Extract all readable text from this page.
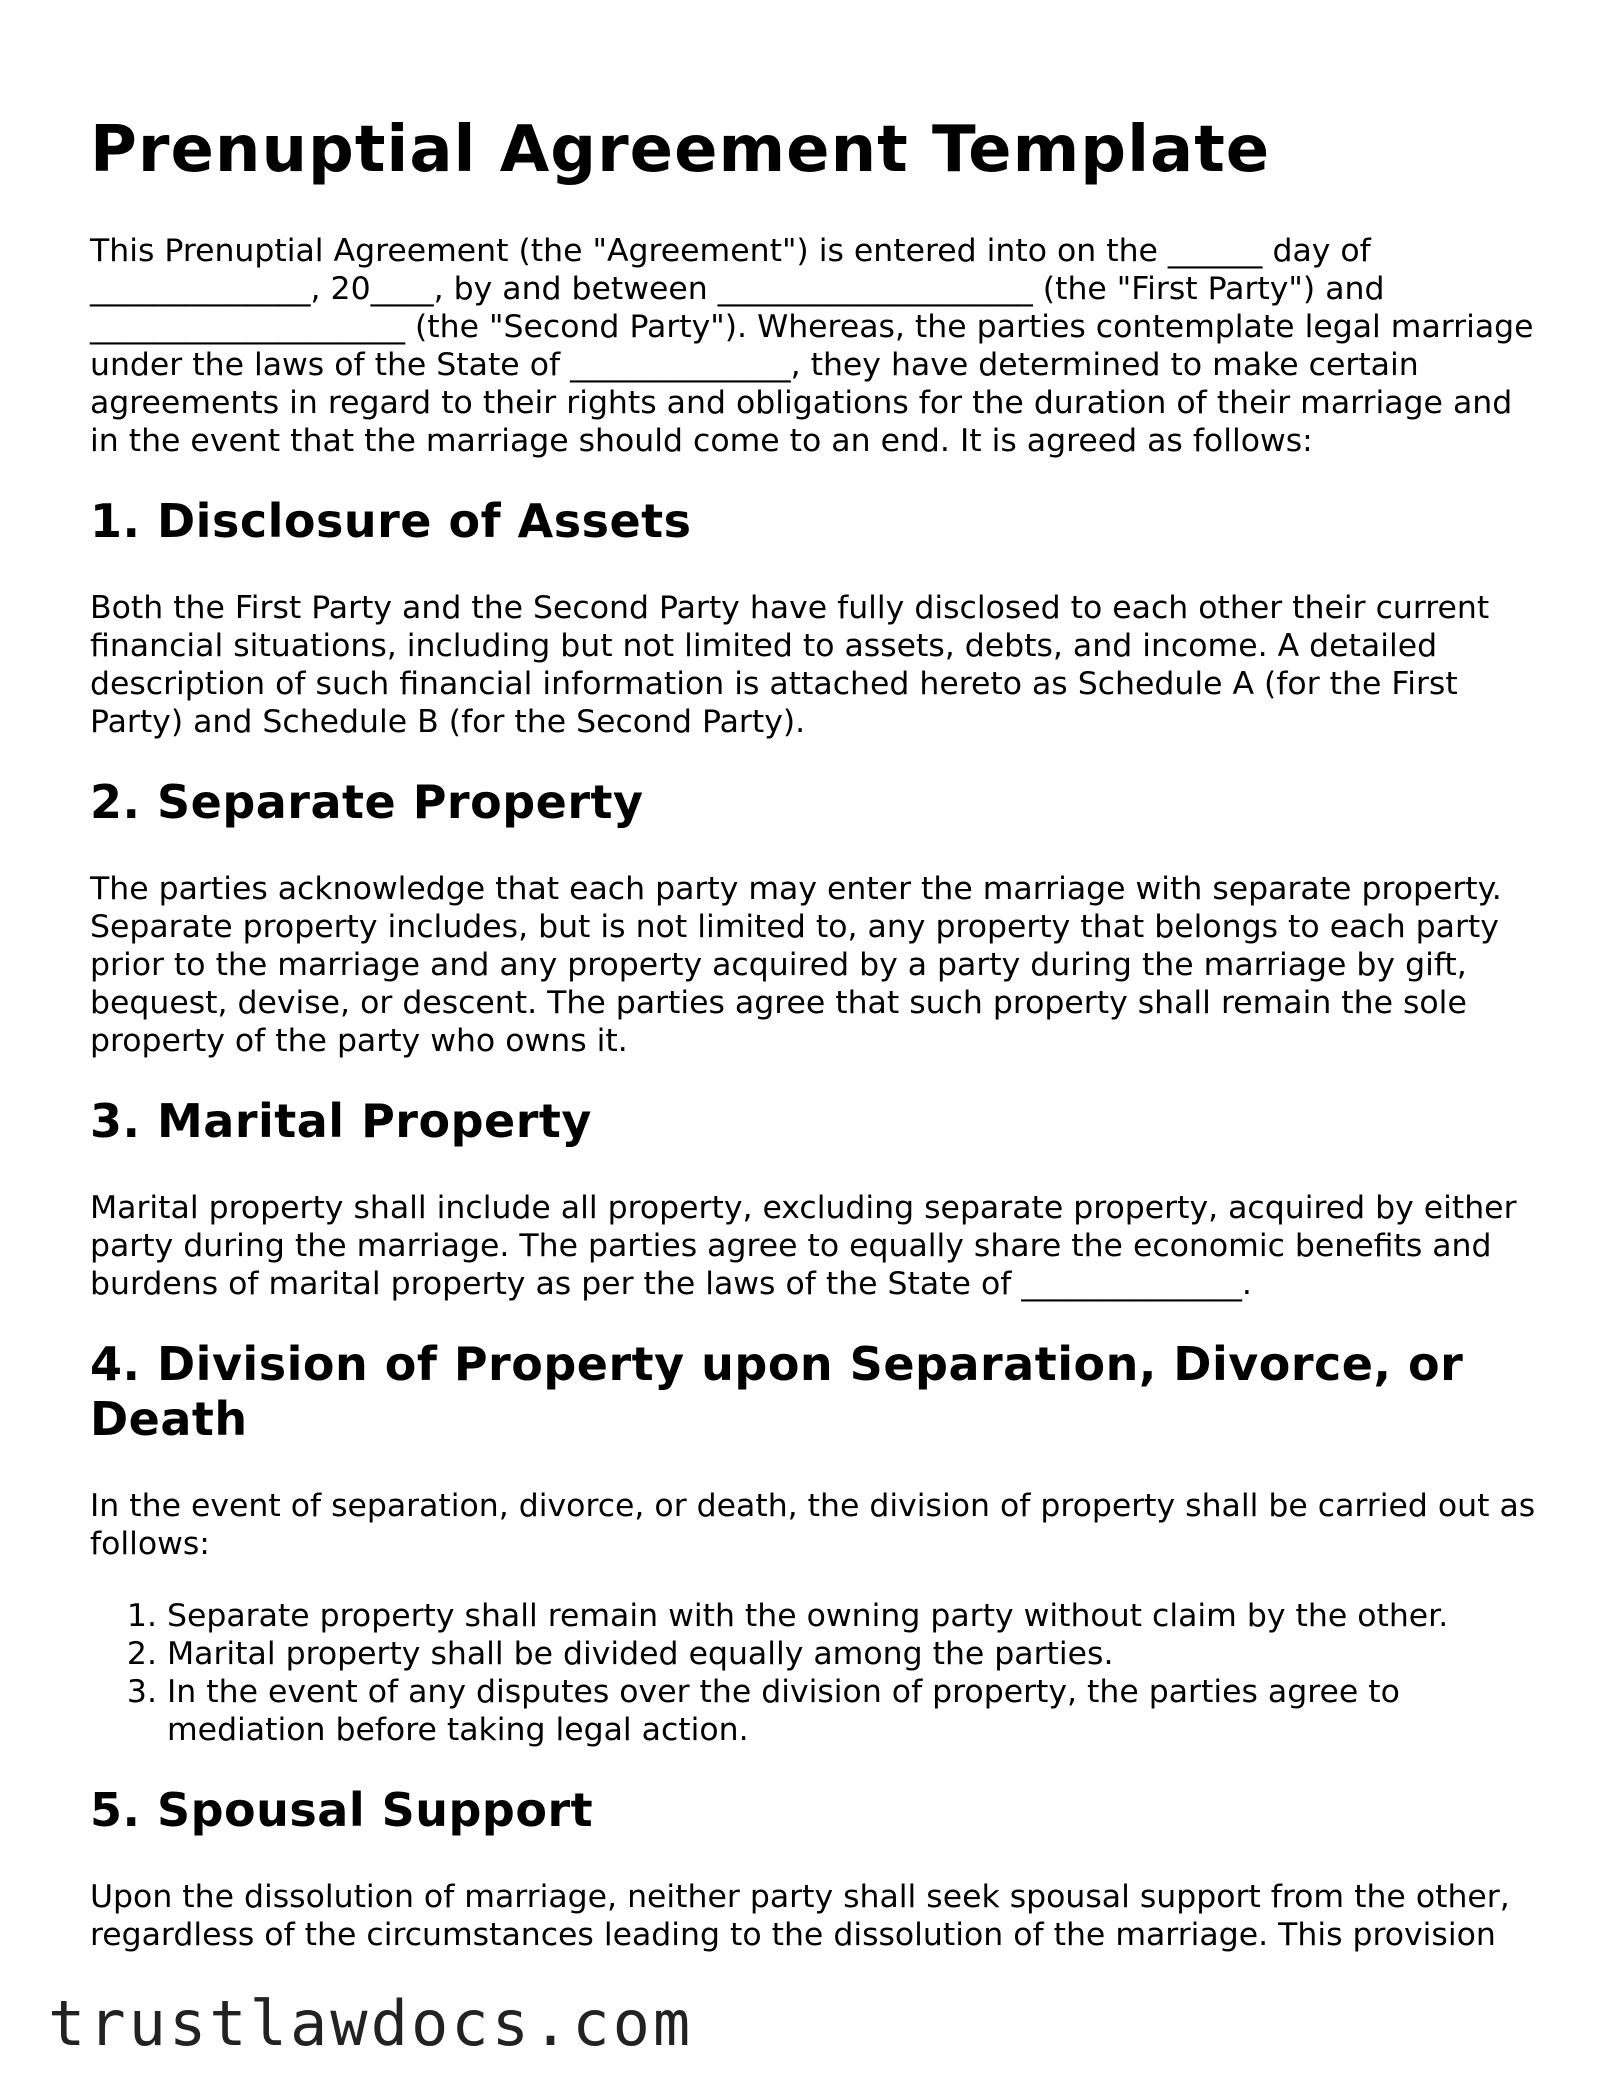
Prenuptial Agreement Template

This Prenuptial Agreement (the "Agreement") is entered into on the ______ day of ______________, 20____, by and between ____________________ (the "First Party") and ____________________ (the "Second Party"). Whereas, the parties contemplate legal marriage under the laws of the State of ______________, they have determined to make certain agreements in regard to their rights and obligations for the duration of their marriage and in the event that the marriage should come to an end. It is agreed as follows:

1. Disclosure of Assets

Both the First Party and the Second Party have fully disclosed to each other their current financial situations, including but not limited to assets, debts, and income. A detailed description of such financial information is attached hereto as Schedule A (for the First Party) and Schedule B (for the Second Party).

2. Separate Property

The parties acknowledge that each party may enter the marriage with separate property. Separate property includes, but is not limited to, any property that belongs to each party prior to the marriage and any property acquired by a party during the marriage by gift, bequest, devise, or descent. The parties agree that such property shall remain the sole property of the party who owns it.

3. Marital Property

Marital property shall include all property, excluding separate property, acquired by either party during the marriage. The parties agree to equally share the economic benefits and burdens of marital property as per the laws of the State of ______________.

4. Division of Property upon Separation, Divorce, or Death

In the event of separation, divorce, or death, the division of property shall be carried out as follows:

1. Separate property shall remain with the owning party without claim by the other.
2. Marital property shall be divided equally among the parties.
3. In the event of any disputes over the division of property, the parties agree to mediation before taking legal action.
5. Spousal Support

Upon the dissolution of marriage, neither party shall seek spousal support from the other, regardless of the circumstances leading to the dissolution of the marriage. This provision

trustlawdocs.com
